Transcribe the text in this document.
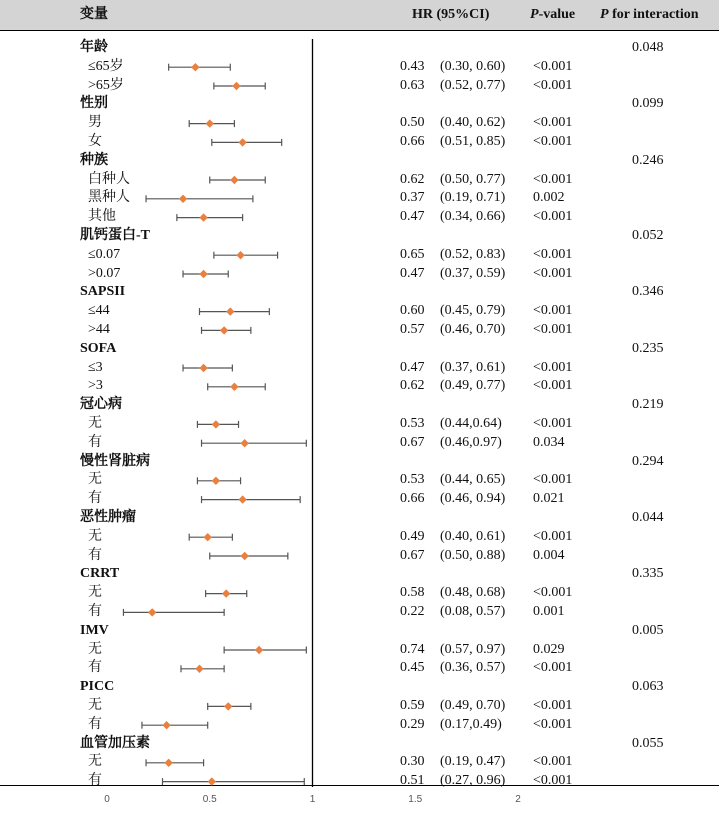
变量	HR (95%CI)	P-value P for interaction
年龄	0.048
≤65岁	0.43 (0.30, 0.60) <0.001
>65岁	0.63 (0.52, 0.77) <0.001
性别	0.099
男	0.50 (0.40, 0.62) <0.001
女	0.66 (0.51, 0.85) <0.001
种族	0.246
白种人	0.62 (0.50, 0.77) <0.001
黑种人	0.37 (0.19, 0.71) 0.002
其他	0.47 (0.34, 0.66) <0.001
肌钙蛋白-T	0.052
≤0.07	0.65 (0.52, 0.83) <0.001
>0.07	0.47 (0.37, 0.59) <0.001
SAPSII	0.346
≤44	0.60 (0.45, 0.79) <0.001
>44	0.57 (0.46, 0.70) <0.001
SOFA	0.235
≤3	0.47 (0.37, 0.61) <0.001
>3	0.62 (0.49, 0.77) <0.001
冠心病	0.219
无	0.53 (0.44,0.64) <0.001
有	0.67 (0.46,0.97) 0.034
慢性肾脏病	0.294
无	0.53 (0.44, 0.65) <0.001
有	0.66 (0.46, 0.94) 0.021
恶性肿瘤	0.044
无	0.49 (0.40, 0.61) <0.001
有	0.67 (0.50, 0.88) 0.004
CRRT	0.335
无	0.58 (0.48, 0.68) <0.001
有	0.22 (0.08, 0.57) 0.001
IMV	0.005
无	0.74 (0.57, 0.97) 0.029
有	0.45 (0.36, 0.57) <0.001
PICC	0.063
无	0.59 (0.49, 0.70) <0.001
有	0.29 (0.17,0.49) <0.001
血管加压素	0.055
无	0.30 (0.19, 0.47) <0.001
有	0.51 (0.27, 0.96) <0.001
0	0.5	1	1.5	2
